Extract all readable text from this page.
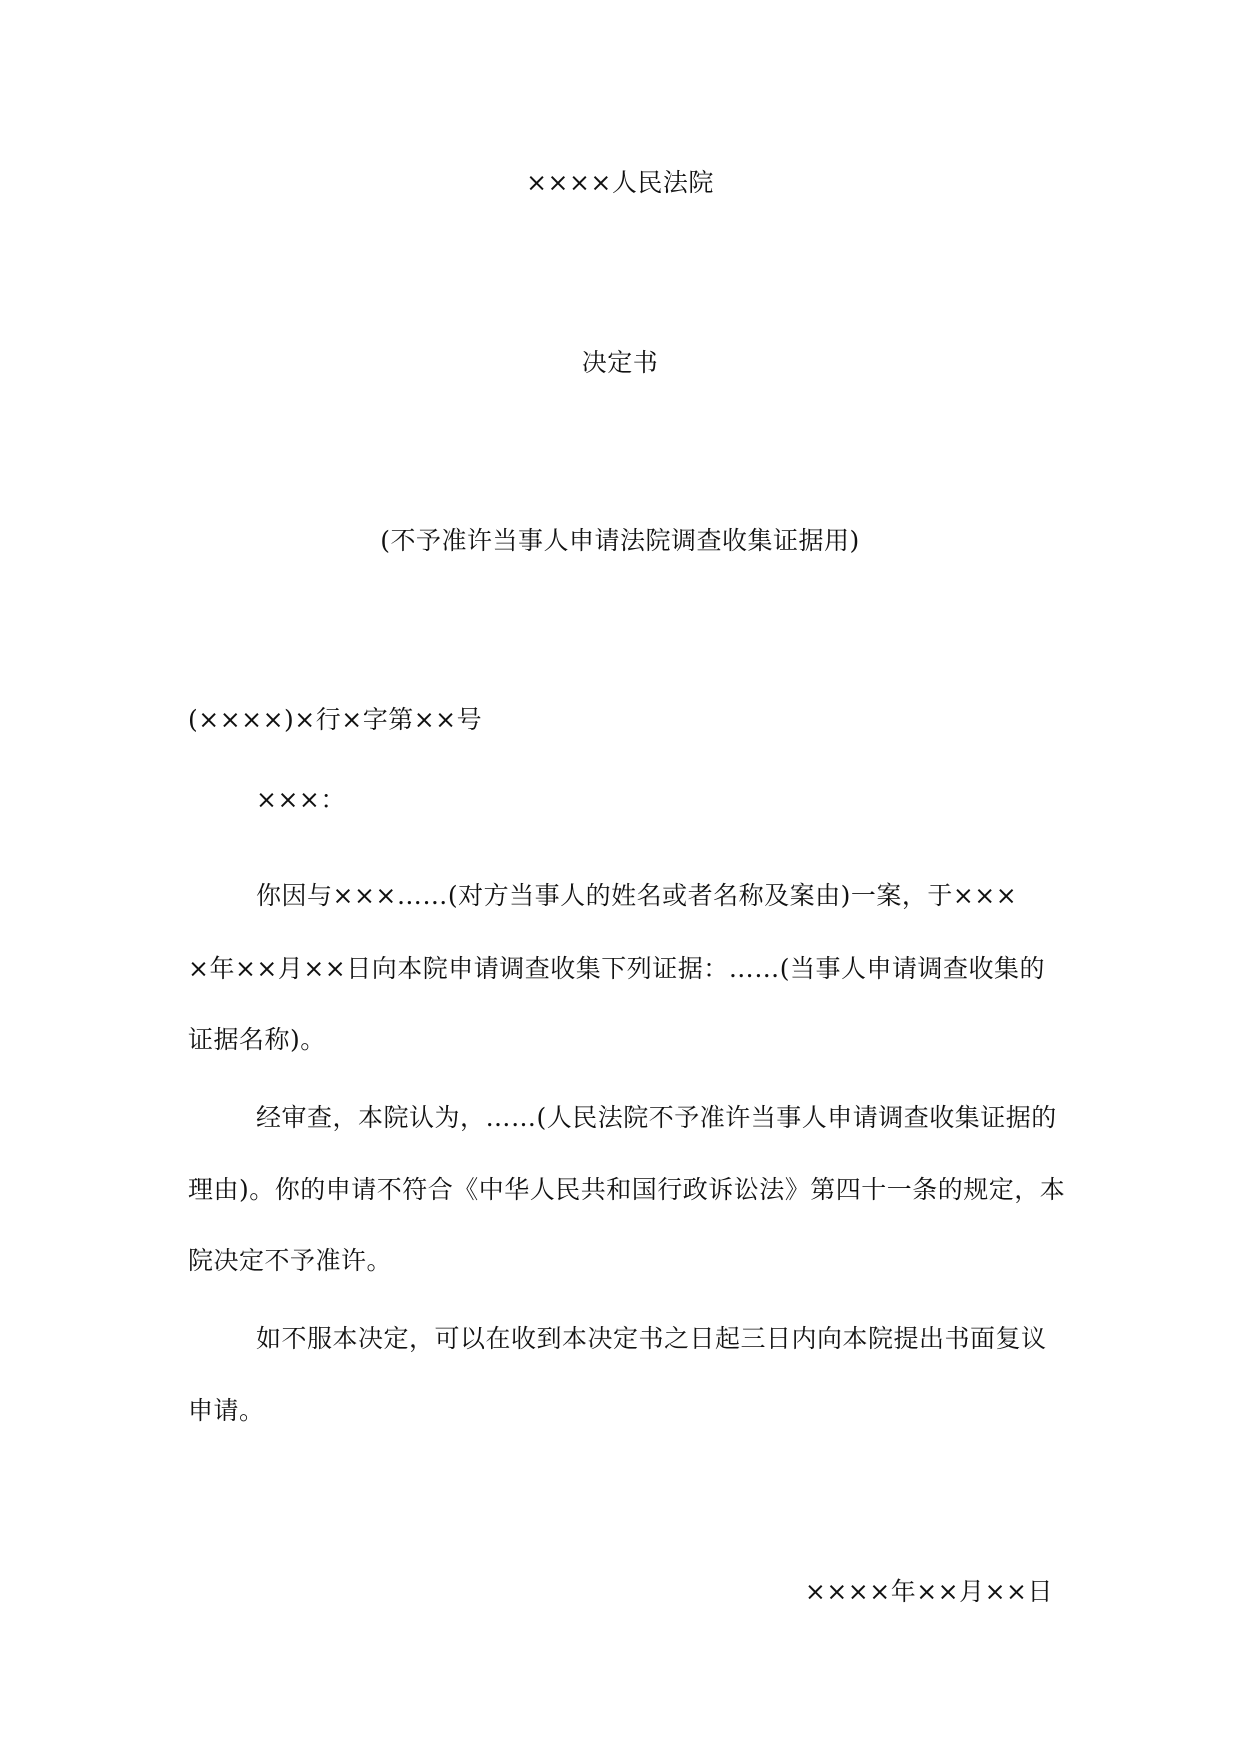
××××人民法院
决定书
(不予准许当事人申请法院调查收集证据用)
(××××)×行×字第××号
×××：
你因与×××……(对方当事人的姓名或者名称及案由)一案，于×××
×年××月××日向本院申请调查收集下列证据：……(当事人申请调查收集的
证据名称)。
经审查，本院认为，……(人民法院不予准许当事人申请调查收集证据的
理由)。你的申请不符合《中华人民共和国行政诉讼法》第四十一条的规定，本
院决定不予准许。
如不服本决定，可以在收到本决定书之日起三日内向本院提出书面复议
申请。
××××年××月××日
